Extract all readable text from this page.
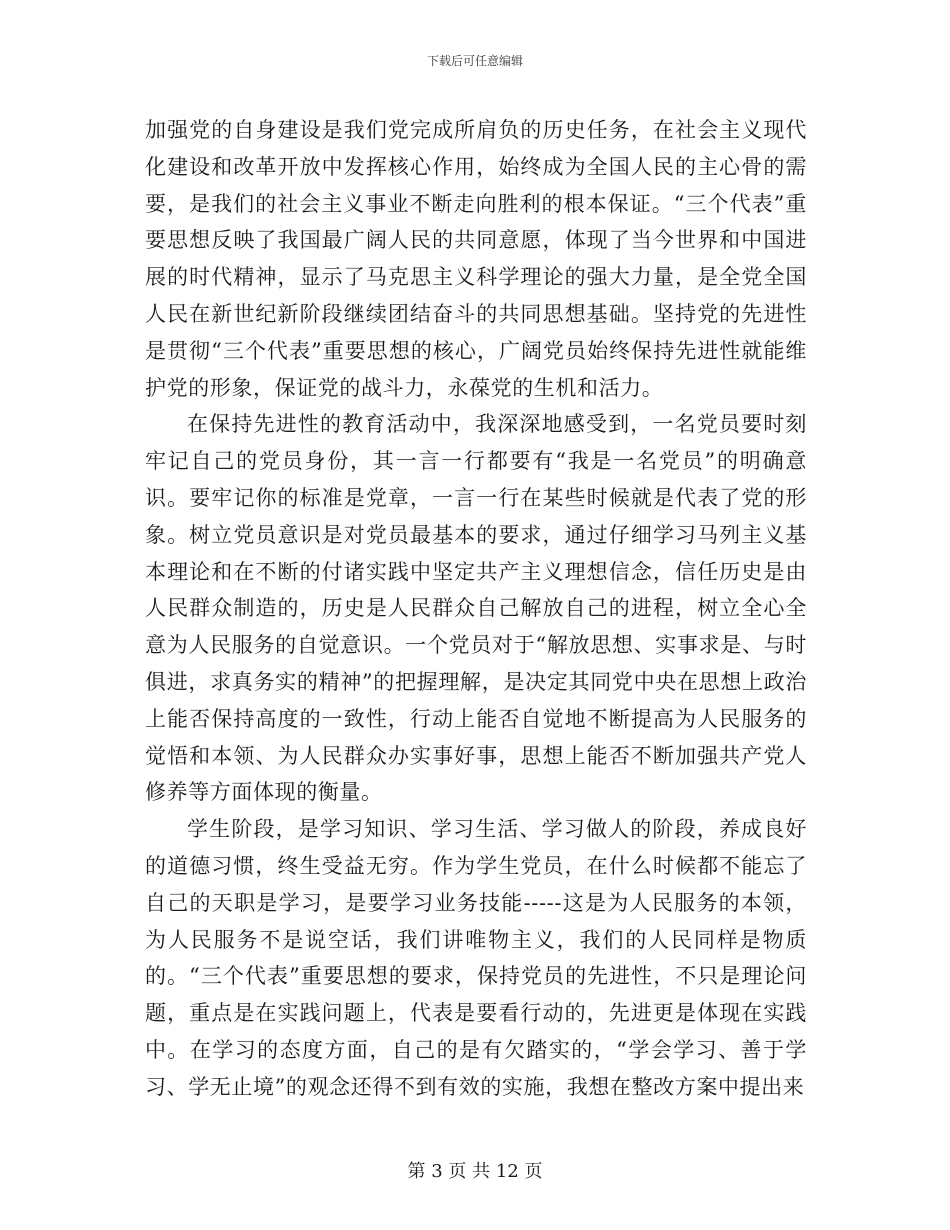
下载后可任意编辑

加强党的自身建设是我们党完成所肩负的历史任务，在社会主义现代化建设和改革开放中发挥核心作用，始终成为全国人民的主心骨的需要，是我们的社会主义事业不断走向胜利的根本保证。“三个代表”重要思想反映了我国最广阔人民的共同意愿，体现了当今世界和中国进展的时代精神，显示了马克思主义科学理论的强大力量，是全党全国人民在新世纪新阶段继续团结奋斗的共同思想基础。坚持党的先进性是贯彻“三个代表”重要思想的核心，广阔党员始终保持先进性就能维护党的形象，保证党的战斗力，永葆党的生机和活力。

在保持先进性的教育活动中，我深深地感受到，一名党员要时刻牢记自己的党员身份，其一言一行都要有“我是一名党员”的明确意识。要牢记你的标准是党章，一言一行在某些时候就是代表了党的形象。树立党员意识是对党员最基本的要求，通过仔细学习马列主义基本理论和在不断的付诸实践中坚定共产主义理想信念，信任历史是由人民群众制造的，历史是人民群众自己解放自己的进程，树立全心全意为人民服务的自觉意识。一个党员对于“解放思想、实事求是、与时俱进，求真务实的精神”的把握理解，是决定其同党中央在思想上政治上能否保持高度的一致性，行动上能否自觉地不断提高为人民服务的觉悟和本领、为人民群众办实事好事，思想上能否不断加强共产党人修养等方面体现的衡量。

学生阶段，是学习知识、学习生活、学习做人的阶段，养成良好的道德习惯，终生受益无穷。作为学生党员，在什么时候都不能忘了自己的天职是学习，是要学习业务技能-----这是为人民服务的本领，为人民服务不是说空话，我们讲唯物主义，我们的人民同样是物质的。“三个代表”重要思想的要求，保持党员的先进性，不只是理论问题，重点是在实践问题上，代表是要看行动的，先进更是体现在实践中。在学习的态度方面，自己的是有欠踏实的，“学会学习、善于学习、学无止境”的观念还得不到有效的实施，我想在整改方案中提出来

第 3 页 共 12 页
